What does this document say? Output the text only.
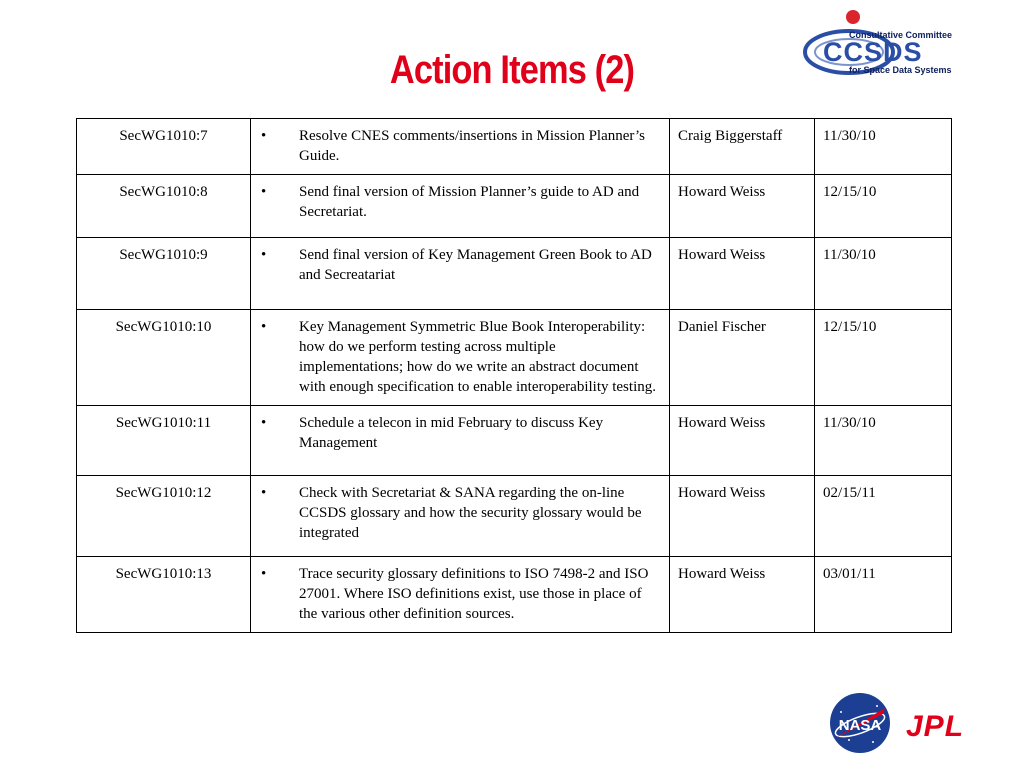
Action Items (2)
Consultative Committee
CCSDS
for Space Data Systems
SecWG1010:7	• Resolve CNES comments/insertions in Mission Planner’s Guide.	Craig Biggerstaff	11/30/10
SecWG1010:8	• Send final version of Mission Planner’s guide to AD and Secretariat.	Howard Weiss	12/15/10
SecWG1010:9	• Send final version of Key Management Green Book to AD and Secreatariat	Howard Weiss	11/30/10
SecWG1010:10	• Key Management Symmetric Blue Book Interoperability: how do we perform testing across multiple implementations; how do we write an abstract document with enough specification to enable interoperability testing.	Daniel Fischer	12/15/10
SecWG1010:11	• Schedule a telecon in mid February to discuss Key Management	Howard Weiss	11/30/10
SecWG1010:12	• Check with Secretariat & SANA regarding the on-line CCSDS glossary and how the security glossary would be integrated	Howard Weiss	02/15/11
SecWG1010:13	• Trace security glossary definitions to ISO 7498-2 and ISO 27001. Where ISO definitions exist, use those in place of the various other definition sources.	Howard Weiss	03/01/11
NASA JPL
